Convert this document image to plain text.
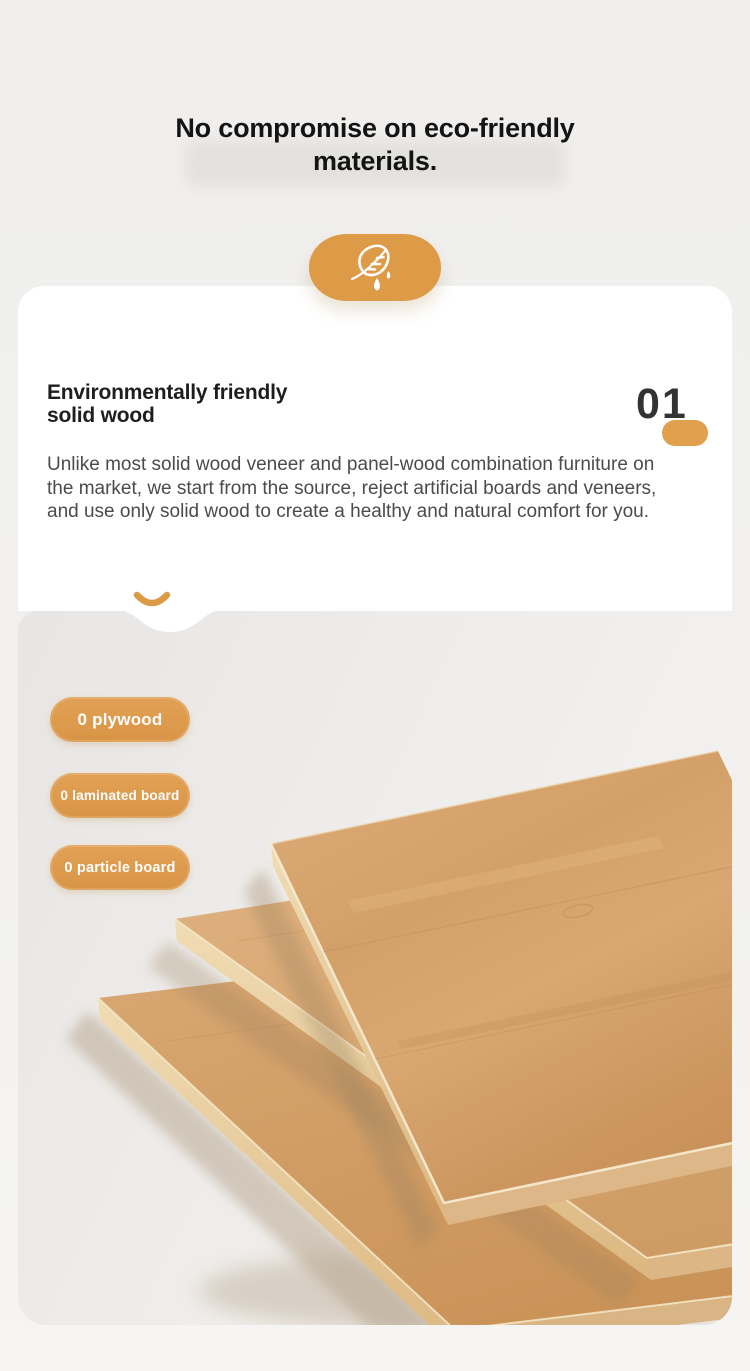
No compromise on eco-friendly materials.
Environmentally friendly solid wood	01

Unlike most solid wood veneer and panel-wood combination furniture on the market, we start from the source, reject artificial boards and veneers, and use only solid wood to create a healthy and natural comfort for you.

0 plywood
0 laminated board
0 particle board
